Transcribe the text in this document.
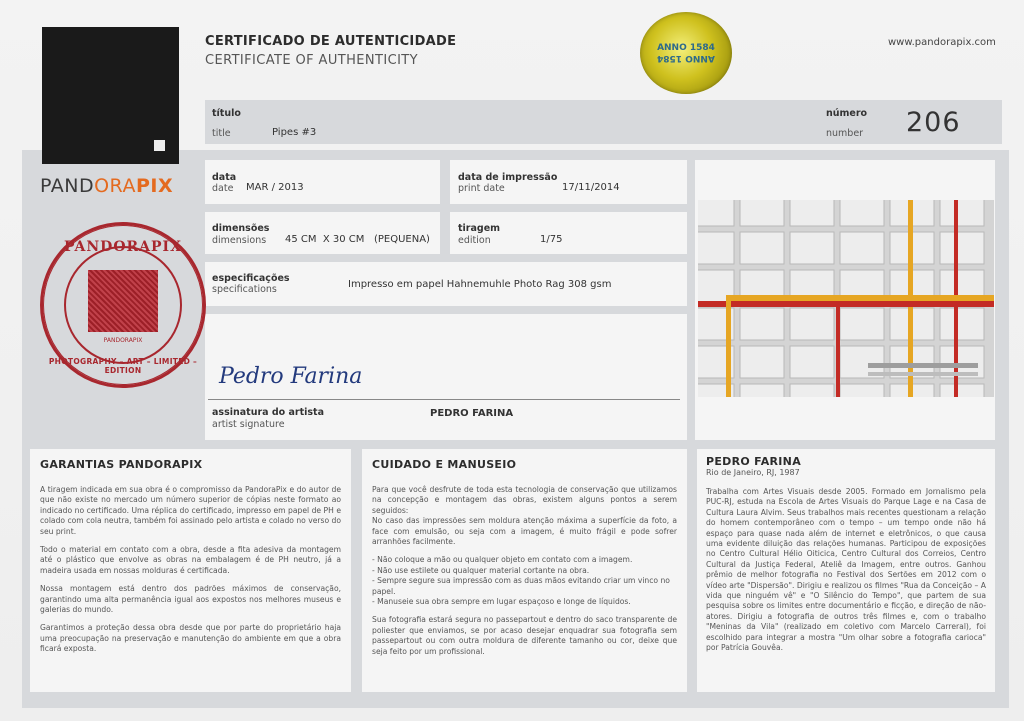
PANDORAPIX
CERTIFICADO DE AUTENTICIDADE
CERTIFICATE OF AUTHENTICITY
www.pandorapix.com
ANNO 1584
ANNO 1584
título
title	Pipes #3
número
number 206
data
date MAR / 2013
data de impressão
print date	17/11/2014
dimensões
dimensions 45 CM  X 30 CM   (PEQUENA)
tiragem
edition	1/75
especificações
specifications	Impresso em papel Hahnemuhle Photo Rag 308 gsm
Pedro Farina
assinatura do artista
artist signature
PEDRO FARINA
PANDORAPIX
PANDORAPIX
PHOTOGRAPHY – ART – LIMITED – EDITION
GARANTIAS PANDORAPIX

A tiragem indicada em sua obra é o compromisso da PandoraPix e do autor de que não existe no mercado um número superior de cópias neste formato ao indicado no certificado. Uma réplica do certificado, impresso em papel de PH e colado com cola neutra, também foi assinado pelo artista e colado no verso do seu print.

Todo o material em contato com a obra, desde a fita adesiva da montagem até o plástico que envolve as obras na embalagem é de PH neutro, já a madeira usada em nossas molduras é certificada.

Nossa montagem está dentro dos padrões máximos de conservação, garantindo uma alta permanência igual aos expostos nos melhores museus e galerias do mundo.

Garantimos a proteção dessa obra desde que por parte do proprietário haja uma preocupação na preservação e manutenção do ambiente em que a obra ficará exposta.

CUIDADO E MANUSEIO

Para que você desfrute de toda esta tecnologia de conservação que utilizamos na concepção e montagem das obras, existem alguns pontos a serem seguidos:

No caso das impressões sem moldura atenção máxima a superfície da foto, a face com emulsão, ou seja com a imagem, é muito frágil e pode sofrer arranhões facilmente.

- Não coloque a mão ou qualquer objeto em contato com a imagem.
- Não use estilete ou qualquer material cortante na obra.
- Sempre segure sua impressão com as duas mãos evitando criar um vinco no papel.
- Manuseie sua obra sempre em lugar espaçoso e longe de líquidos.

Sua fotografia estará segura no passepartout e dentro do saco transparente de poliester que enviamos, se por acaso desejar enquadrar sua fotografia sem passepartout ou com outra moldura de diferente tamanho ou cor, deixe que seja feito por um profissional.

PEDRO FARINA
Rio de Janeiro, RJ, 1987

Trabalha com Artes Visuais desde 2005. Formado em Jornalismo pela PUC-RJ, estuda na Escola de Artes Visuais do Parque Lage e na Casa de Cultura Laura Alvim. Seus trabalhos mais recentes questionam a relação do homem contemporâneo com o tempo – um tempo onde não há espaço para quase nada além de internet e eletrônicos, o que causa uma evidente diluição das relações humanas. Participou de exposições no Centro Cultural Hélio Oiticica, Centro Cultural dos Correios, Centro Cultural da Justiça Federal, Ateliê da Imagem, entre outros. Ganhou prêmio de melhor fotografia no Festival dos Sertões em 2012 com o vídeo arte "Dispersão". Dirigiu e realizou os filmes "Rua da Conceição – A vida que ninguém vê" e "O Silêncio do Tempo", que partem de sua pesquisa sobre os limites entre documentário e ficção, e direção de não-atores. Dirigiu a fotografia de outros três filmes e, com o trabalho "Meninas da Vila" (realizado em coletivo com Marcelo Carreral), foi escolhido para integrar a mostra "Um olhar sobre a fotografia carioca" por Patrícia Gouvêa.
